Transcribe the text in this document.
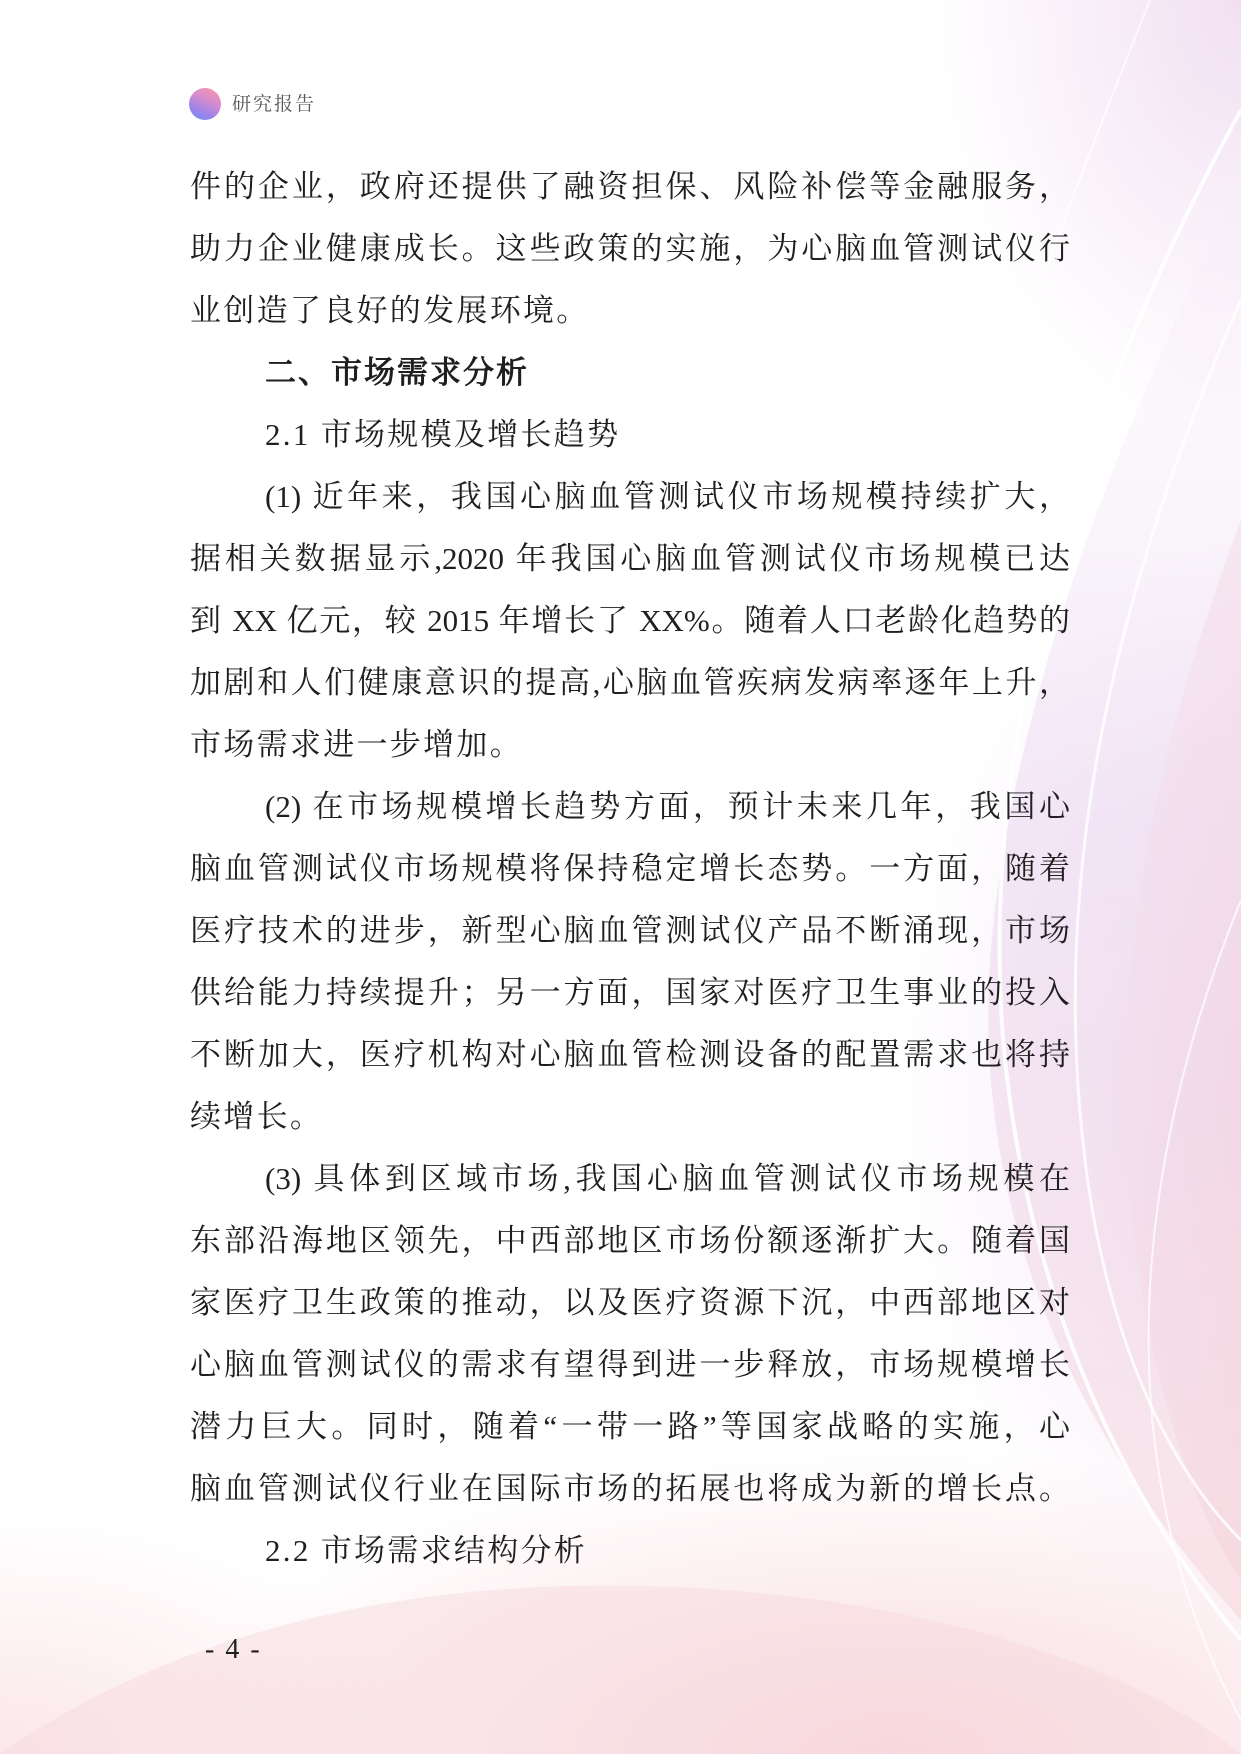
研究报告
件的企业，政府还提供了融资担保、风险补偿等金融服务，
助力企业健康成长。这些政策的实施，为心脑血管测试仪行
业创造了良好的发展环境。
二、市场需求分析
2.1 市场规模及增长趋势
(1) 近年来，我国心脑血管测试仪市场规模持续扩大，
据相关数据显示,2020 年我国心脑血管测试仪市场规模已达
到 XX 亿元，较 2015 年增长了 XX%。随着人口老龄化趋势的
加剧和人们健康意识的提高,心脑血管疾病发病率逐年上升，
市场需求进一步增加。
(2) 在市场规模增长趋势方面，预计未来几年，我国心
脑血管测试仪市场规模将保持稳定增长态势。一方面，随着
医疗技术的进步，新型心脑血管测试仪产品不断涌现，市场
供给能力持续提升；另一方面，国家对医疗卫生事业的投入
不断加大，医疗机构对心脑血管检测设备的配置需求也将持
续增长。
(3) 具体到区域市场,我国心脑血管测试仪市场规模在
东部沿海地区领先，中西部地区市场份额逐渐扩大。随着国
家医疗卫生政策的推动，以及医疗资源下沉，中西部地区对
心脑血管测试仪的需求有望得到进一步释放，市场规模增长
潜力巨大。同时，随着“一带一路”等国家战略的实施，心
脑血管测试仪行业在国际市场的拓展也将成为新的增长点。
2.2 市场需求结构分析
- 4 -
